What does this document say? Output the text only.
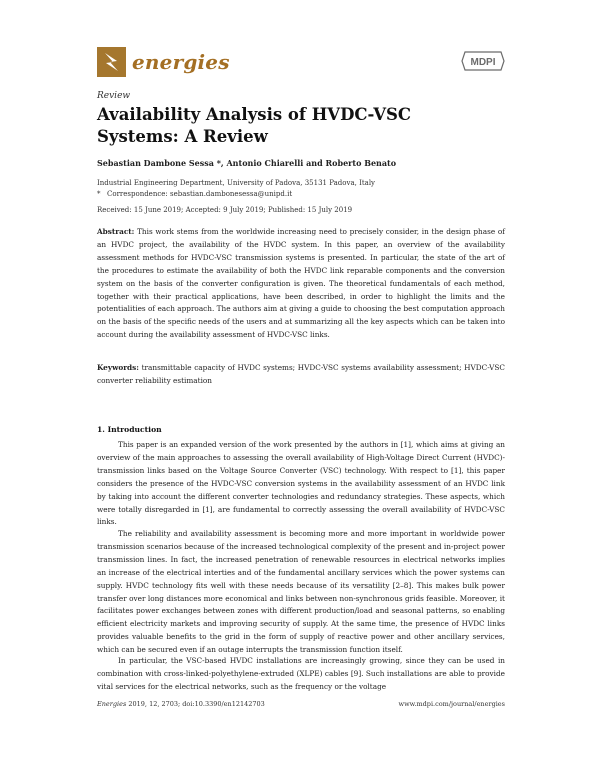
energies	MDPI
Review
Availability Analysis of HVDC-VSC Systems: A Review
Sebastian Dambone Sessa *, Antonio Chiarelli and Roberto Benato
Industrial Engineering Department, University of Padova, 35131 Padova, Italy
* Correspondence: sebastian.dambonesessa@unipd.it
Received: 15 June 2019; Accepted: 9 July 2019; Published: 15 July 2019
Abstract: This work stems from the worldwide increasing need to precisely consider, in the design phase of an HVDC project, the availability of the HVDC system. In this paper, an overview of the availability assessment methods for HVDC-VSC transmission systems is presented. In particular, the state of the art of the procedures to estimate the availability of both the HVDC link reparable components and the conversion system on the basis of the converter configuration is given. The theoretical fundamentals of each method, together with their practical applications, have been described, in order to highlight the limits and the potentialities of each approach. The authors aim at giving a guide to choosing the best computation approach on the basis of the specific needs of the users and at summarizing all the key aspects which can be taken into account during the availability assessment of HVDC-VSC links.
Keywords: transmittable capacity of HVDC systems; HVDC-VSC systems availability assessment; HVDC-VSC converter reliability estimation
1. Introduction

This paper is an expanded version of the work presented by the authors in [1], which aims at giving an overview of the main approaches to assessing the overall availability of High-Voltage Direct Current (HVDC)-transmission links based on the Voltage Source Converter (VSC) technology. With respect to [1], this paper considers the presence of the HVDC-VSC conversion systems in the availability assessment of an HVDC link by taking into account the different converter technologies and redundancy strategies. These aspects, which were totally disregarded in [1], are fundamental to correctly assessing the overall availability of HVDC-VSC links.

The reliability and availability assessment is becoming more and more important in worldwide power transmission scenarios because of the increased technological complexity of the present and in-project power transmission lines. In fact, the increased penetration of renewable resources in electrical networks implies an increase of the electrical interties and of the fundamental ancillary services which the power systems can supply. HVDC technology fits well with these needs because of its versatility [2–8]. This makes bulk power transfer over long distances more economical and links between non-synchronous grids feasible. Moreover, it facilitates power exchanges between zones with different production/load and seasonal patterns, so enabling efficient electricity markets and improving security of supply. At the same time, the presence of HVDC links provides valuable benefits to the grid in the form of supply of reactive power and other ancillary services, which can be secured even if an outage interrupts the transmission function itself.

In particular, the VSC-based HVDC installations are increasingly growing, since they can be used in combination with cross-linked-polyethylene-extruded (XLPE) cables [9]. Such installations are able to provide vital services for the electrical networks, such as the frequency or the voltage

Energies 2019, 12, 2703; doi:10.3390/en12142703	www.mdpi.com/journal/energies
